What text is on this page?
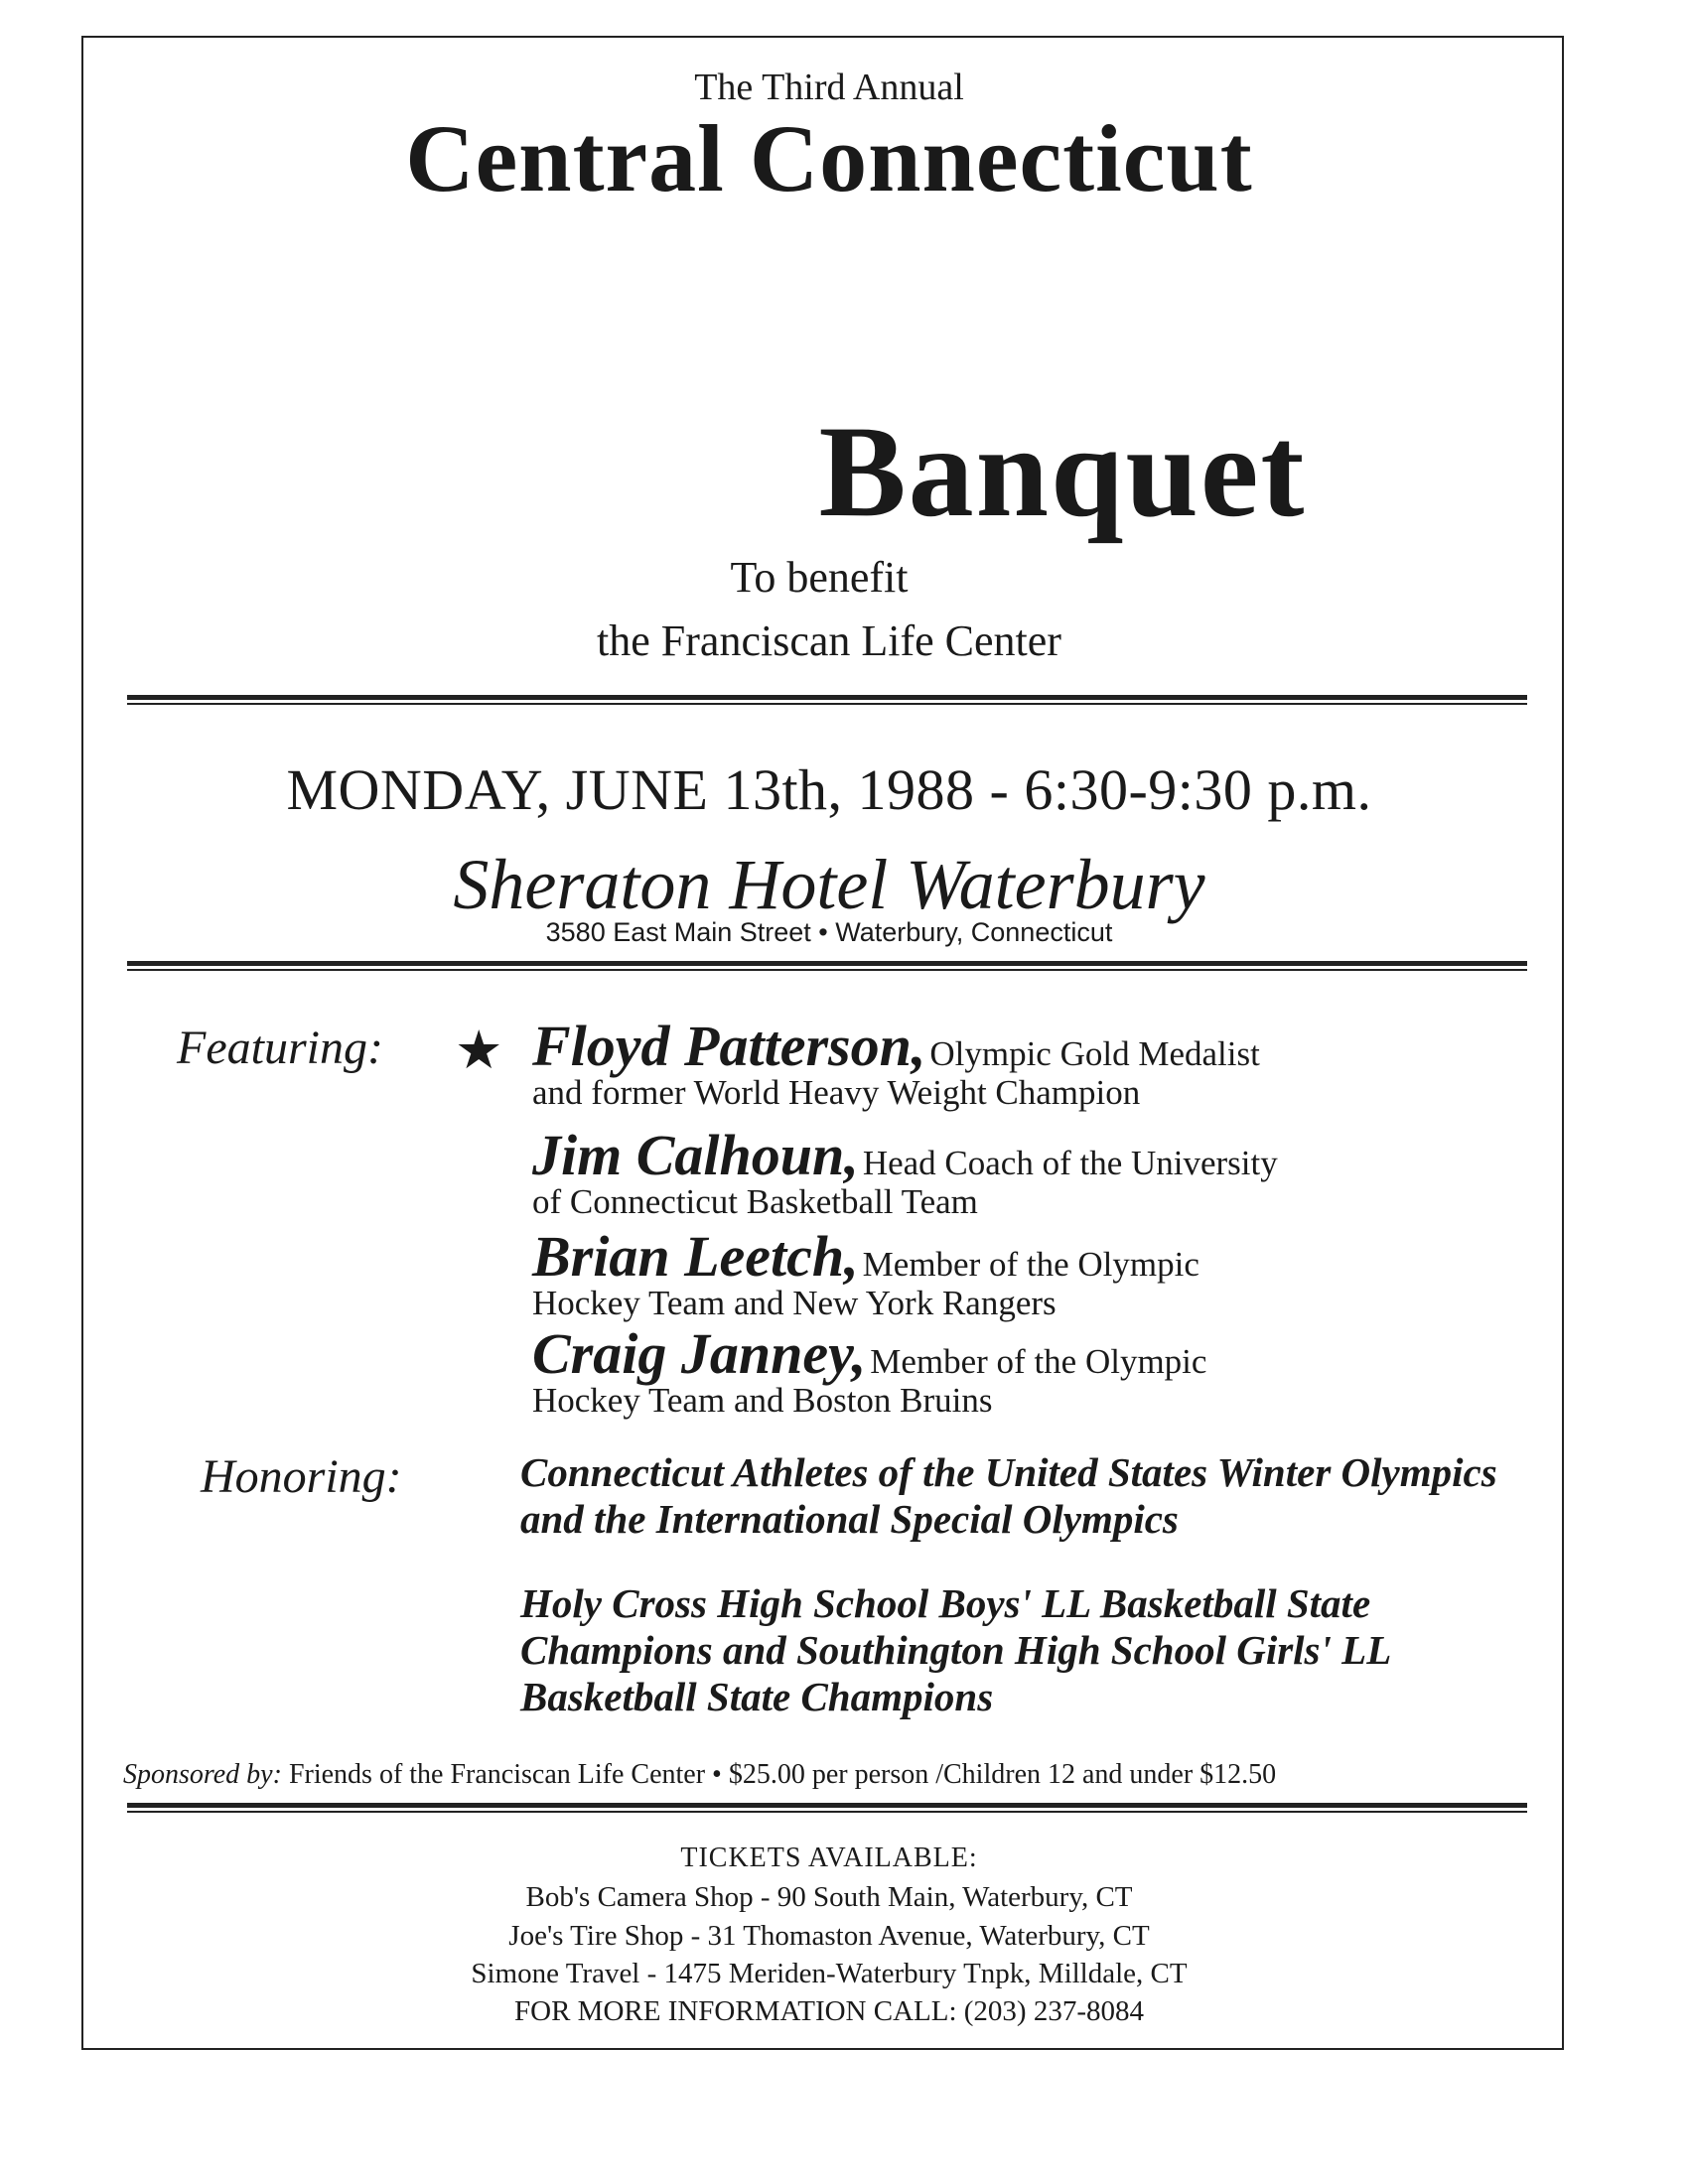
The Third Annual
Central Connecticut
Banquet
To benefit
the Franciscan Life Center
MONDAY, JUNE 13th, 1988 - 6:30-9:30 p.m.
Sheraton Hotel Waterbury
3580 East Main Street • Waterbury, Connecticut
Featuring: ★ Floyd Patterson, Olympic Gold Medalist
and former World Heavy Weight Champion
Jim Calhoun, Head Coach of the University
of Connecticut Basketball Team
Brian Leetch, Member of the Olympic
Hockey Team and New York Rangers
Craig Janney, Member of the Olympic
Hockey Team and Boston Bruins
Honoring:	Connecticut Athletes of the United States Winter Olympics and the International Special Olympics
Holy Cross High School Boys' LL Basketball State Champions and Southington High School Girls' LL Basketball State Champions
Sponsored by: Friends of the Franciscan Life Center • $25.00 per person /Children 12 and under $12.50
TICKETS AVAILABLE:
Bob's Camera Shop - 90 South Main, Waterbury, CT
Joe's Tire Shop - 31 Thomaston Avenue, Waterbury, CT
Simone Travel - 1475 Meriden-Waterbury Tnpk, Milldale, CT
FOR MORE INFORMATION CALL: (203) 237-8084
